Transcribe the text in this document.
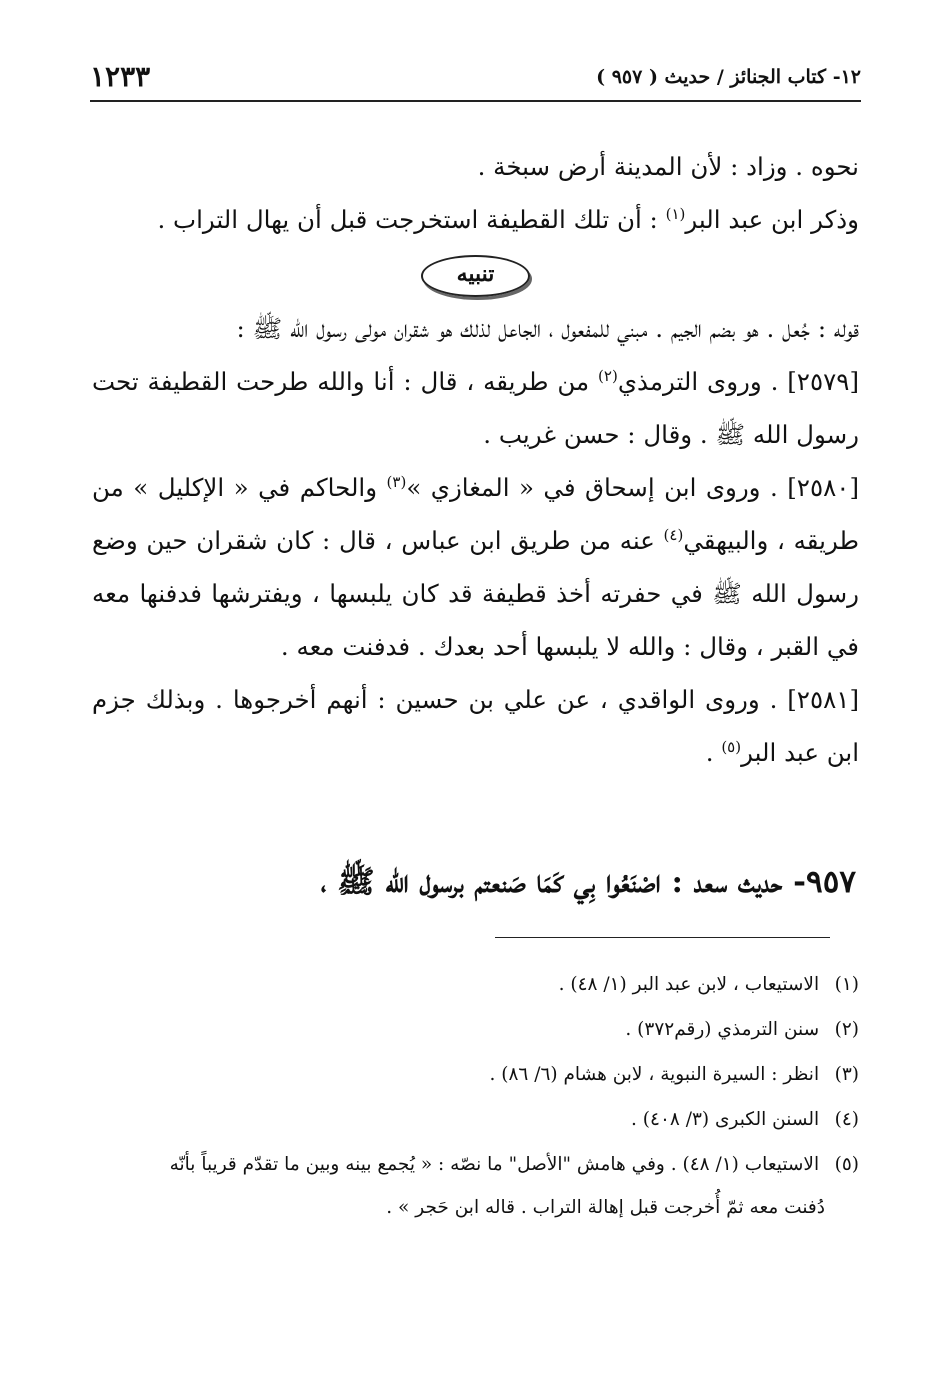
١٢- كتاب الجنائز / حديث ( ٩٥٧ )
١٢٣٣

نحوه . وزاد : لأن المدينة أرض سبخة .

وذكر ابن عبد البر$^{(١)}$ : أن تلك القطيفة استخرجت قبل أن يهال التراب .

تنبيه

قوله : جُعل . هو بضم الجيم . مبني للمفعول ، الجاعل لذلك هو شقران مولى رسول الله ﷺ :

[٢٥٧٩] . وروى الترمذي$^{(٢)}$ من طريقه ، قال : أنا والله طرحت القطيفة تحت رسول الله ﷺ . وقال : حسن غريب .

[٢٥٨٠] . وروى ابن إسحاق في « المغازي »$^{(٣)}$ والحاكم في « الإكليل » من طريقه ، والبيهقي$^{(٤)}$ عنه من طريق ابن عباس ، قال : كان شقران حين وضع رسول الله ﷺ في حفرته أخذ قطيفة قد كان يلبسها ، ويفترشها فدفنها معه في القبر ، وقال : والله لا يلبسها أحد بعدك . فدفنت معه .

[٢٥٨١] . وروى الواقدي ، عن علي بن حسين : أنهم أخرجوها . وبذلك جزم ابن عبد البر$^{(٥)}$ .

٩٥٧- حديث سعد : اصْنَعُوا بِي كَمَا صَنعتم برسول الله ﷺ ،

(١) الاستيعاب ، لابن عبد البر (١/ ٤٨) .

(٢) سنن الترمذي (رقم٣٧٢) .

(٣) انظر : السيرة النبوية ، لابن هشام (٦/ ٨٦) .

(٤) السنن الكبرى (٣/ ٤٠٨) .

(٥) الاستيعاب (١/ ٤٨) . وفي هامش "الأصل" ما نصّه : « يُجمع بينه وبين ما تقدّم قريباً بأنّه

دُفنت معه ثمّ أُخرجت قبل إهالة التراب . قاله ابن حَجر » .
